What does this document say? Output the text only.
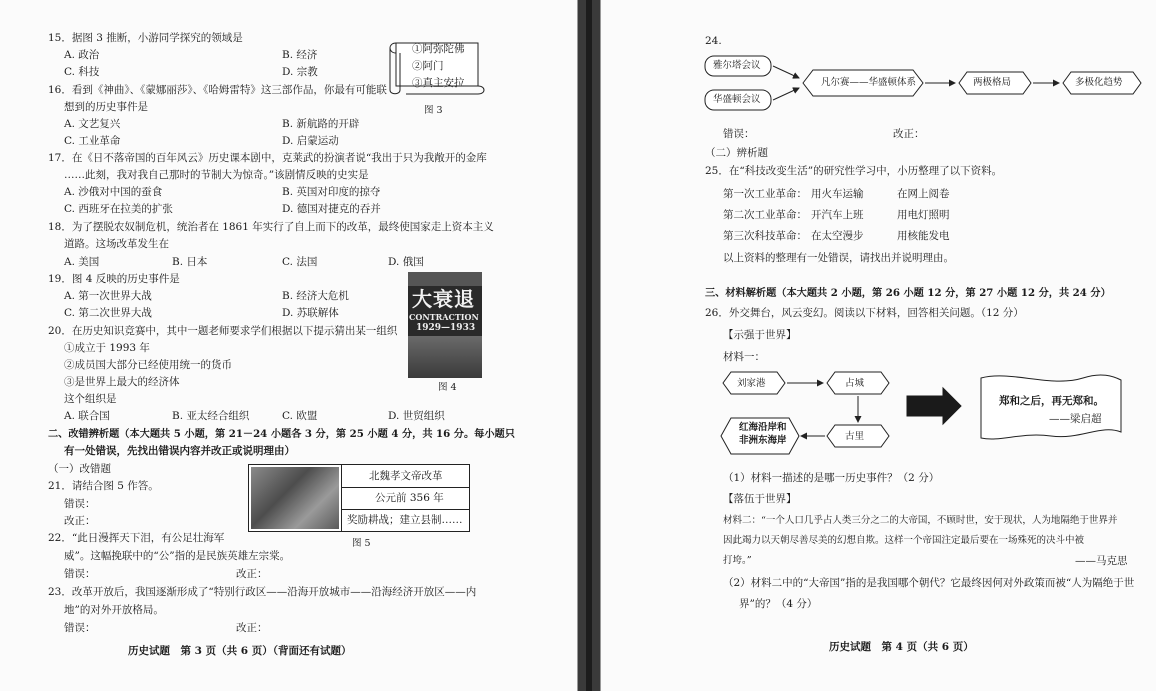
15．据图 3 推断，小游同学探究的领域是
A. 政治	B. 经济
C. 科技	D. 宗教
①阿弥陀佛
②阿门
③真主安拉
图 3
16．看到《神曲》、《蒙娜丽莎》、《哈姆雷特》这三部作品，你最有可能联
想到的历史事件是
A. 文艺复兴	B. 新航路的开辟
C. 工业革命	D. 启蒙运动
17．在《日不落帝国的百年风云》历史课本剧中，克莱武的扮演者说“我出于只为我敞开的金库
……此刻，我对我自己那时的节制大为惊奇。”该剧情反映的史实是
A. 沙俄对中国的蚕食	B. 英国对印度的掠夺
C. 西班牙在拉美的扩张	D. 德国对捷克的吞并
18．为了摆脱农奴制危机，统治者在 1861 年实行了自上而下的改革，最终使国家走上资本主义
道路。这场改革发生在
A. 美国	B. 日本	C. 法国	D. 俄国
19．图 4 反映的历史事件是
A. 第一次世界大战	B. 经济大危机
C. 第二次世界大战	D. 苏联解体
大衰退
CONTRACTION
1929—1933
图 4
20．在历史知识竞赛中，其中一题老师要求学们根据以下提示猜出某一组织
①成立于 1993 年
②成员国大部分已经使用统一的货币
③是世界上最大的经济体
这个组织是
A. 联合国	B. 亚太经合组织	C. 欧盟	D. 世贸组织
二、改错辨析题（本大题共 5 小题，第 21－24 小题各 3 分，第 25 小题 4 分，共 16 分。每小题只
有一处错误，先找出错误内容并改正或说明理由）
（一）改错题
21．请结合图 5 作答。
错误：
改正：
北魏孝文帝改革
公元前 356 年
奖励耕战；建立县制……
图 5
22．“此日漫挥天下泪，有公足壮海军
威”。这幅挽联中的“公”指的是民族英雄左宗棠。
错误：	改正：
23．改革开放后，我国逐渐形成了“特别行政区——沿海开放城市——沿海经济开放区——内
地”的对外开放格局。
错误：	改正：
历史试题　第 3 页（共 6 页）（背面还有试题）
24.
雅尔塔会议
华盛顿会议
凡尔赛——华盛顿体系	两极格局	多极化趋势
错误：	改正：
（二）辨析题
25．在“科技改变生活”的研究性学习中，小历整理了以下资料。
第一次工业革命： 用火车运输	在网上阅卷
第二次工业革命： 开汽车上班	用电灯照明
第三次科技革命： 在太空漫步	用核能发电
以上资料的整理有一处错误，请找出并说明理由。
三、材料解析题（本大题共 2 小题，第 26 小题 12 分，第 27 小题 12 分，共 24 分）
26．外交舞台，风云变幻。阅读以下材料，回答相关问题。（12 分）
【示强于世界】
材料一：
刘家港	占城
古里
红海沿岸和
非洲东海岸
郑和之后，再无郑和。
——梁启超
（1）材料一描述的是哪一历史事件？（2 分）
【落伍于世界】
材料二：“一个人口几乎占人类三分之二的大帝国，不顾时世，安于现状，人为地隔绝于世界并
因此竭力以天朝尽善尽美的幻想自欺。这样一个帝国注定最后要在一场殊死的决斗中被
打垮。”	——马克思
（2）材料二中的“大帝国”指的是我国哪个朝代？它最终因何对外政策而被“人为隔绝于世
界”的？（4 分）
历史试题　第 4 页（共 6 页）
